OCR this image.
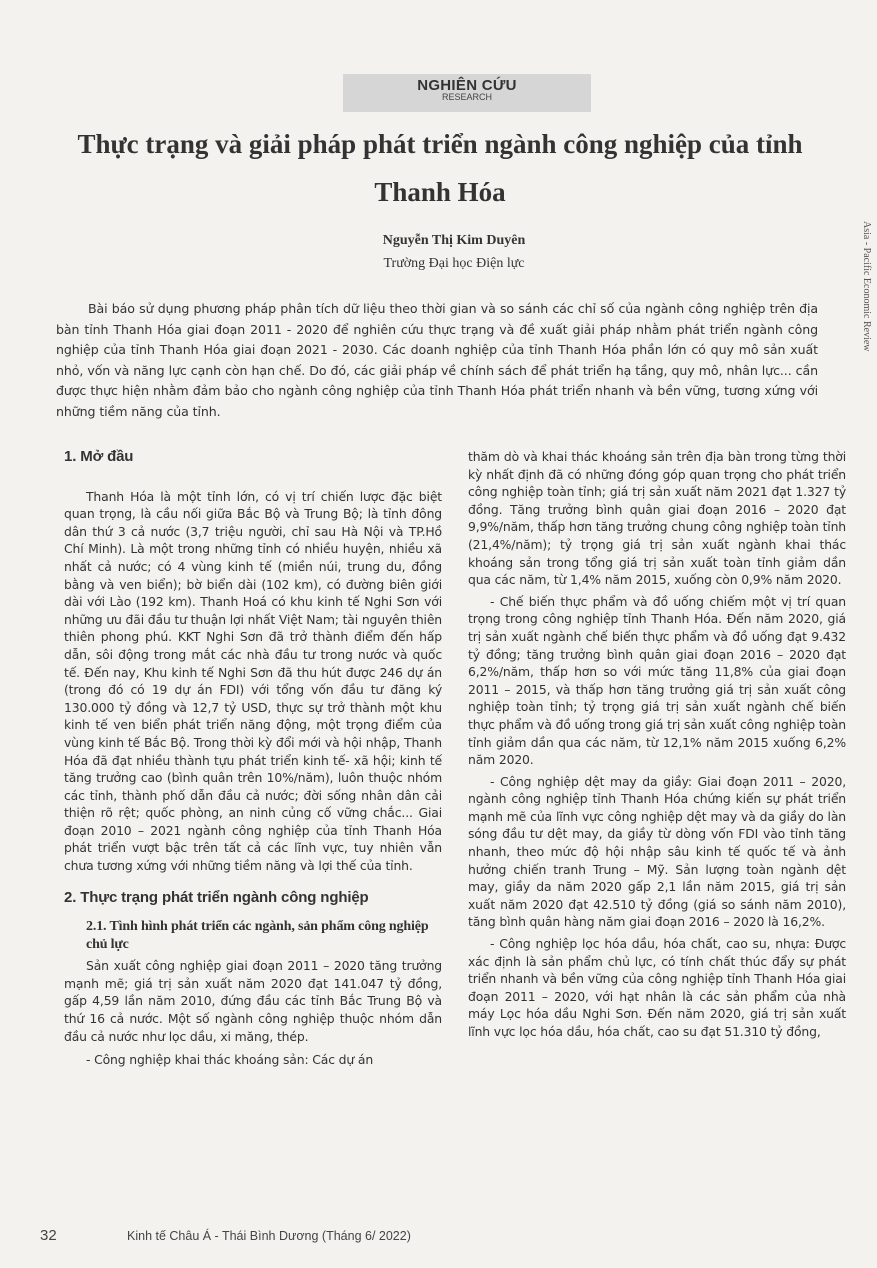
NGHIÊN CỨU
RESEARCH
Asia - Pacific Economic Review
Thực trạng và giải pháp phát triển ngành công nghiệp của tỉnh Thanh Hóa
Nguyễn Thị Kim Duyên
Trường Đại học Điện lực

Bài báo sử dụng phương pháp phân tích dữ liệu theo thời gian và so sánh các chỉ số của ngành công nghiệp trên địa bàn tỉnh Thanh Hóa giai đoạn 2011 - 2020 để nghiên cứu thực trạng và đề xuất giải pháp nhằm phát triển ngành công nghiệp của tỉnh Thanh Hóa giai đoạn 2021 - 2030. Các doanh nghiệp của tỉnh Thanh Hóa phần lớn có quy mô sản xuất nhỏ, vốn và năng lực cạnh còn hạn chế. Do đó, các giải pháp về chính sách để phát triển hạ tầng, quy mô, nhân lực... cần được thực hiện nhằm đảm bảo cho ngành công nghiệp của tỉnh Thanh Hóa phát triển nhanh và bền vững, tương xứng với những tiềm năng của tỉnh.

1. Mở đầu

Thanh Hóa là một tỉnh lớn, có vị trí chiến lược đặc biệt quan trọng, là cầu nối giữa Bắc Bộ và Trung Bộ; là tỉnh đông dân thứ 3 cả nước (3,7 triệu người, chỉ sau Hà Nội và TP.Hồ Chí Minh). Là một trong những tỉnh có nhiều huyện, nhiều xã nhất cả nước; có 4 vùng kinh tế (miền núi, trung du, đồng bằng và ven biển); bờ biển dài (102 km), có đường biên giới dài với Lào (192 km). Thanh Hoá có khu kinh tế Nghi Sơn với những ưu đãi đầu tư thuận lợi nhất Việt Nam; tài nguyên thiên thiên phong phú. KKT Nghi Sơn đã trở thành điểm đến hấp dẫn, sôi động trong mắt các nhà đầu tư trong nước và quốc tế. Đến nay, Khu kinh tế Nghi Sơn đã thu hút được 246 dự án (trong đó có 19 dự án FDI) với tổng vốn đầu tư đăng ký 130.000 tỷ đồng và 12,7 tỷ USD, thực sự trở thành một khu kinh tế ven biển phát triển năng động, một trọng điểm của vùng kinh tế Bắc Bộ. Trong thời kỳ đổi mới và hội nhập, Thanh Hóa đã đạt nhiều thành tựu phát triển kinh tế- xã hội; kinh tế tăng trưởng cao (bình quân trên 10%/năm), luôn thuộc nhóm các tỉnh, thành phố dẫn đầu cả nước; đời sống nhân dân cải thiện rõ rệt; quốc phòng, an ninh củng cố vững chắc... Giai đoạn 2010 – 2021 ngành công nghiệp của tỉnh Thanh Hóa phát triển vượt bậc trên tất cả các lĩnh vực, tuy nhiên vẫn chưa tương xứng với những tiềm năng và lợi thế của tỉnh.

2. Thực trạng phát triển ngành công nghiệp
2.1. Tình hình phát triển các ngành, sản phẩm công nghiệp chủ lực

Sản xuất công nghiệp giai đoạn 2011 – 2020 tăng trưởng mạnh mẽ; giá trị sản xuất năm 2020 đạt 141.047 tỷ đồng, gấp 4,59 lần năm 2010, đứng đầu các tỉnh Bắc Trung Bộ và thứ 16 cả nước. Một số ngành công nghiệp thuộc nhóm dẫn đầu cả nước như lọc dầu, xi măng, thép.

- Công nghiệp khai thác khoáng sản: Các dự án

thăm dò và khai thác khoáng sản trên địa bàn trong từng thời kỳ nhất định đã có những đóng góp quan trọng cho phát triển công nghiệp toàn tỉnh; giá trị sản xuất năm 2021 đạt 1.327 tỷ đồng. Tăng trưởng bình quân giai đoạn 2016 – 2020 đạt 9,9%/năm, thấp hơn tăng trưởng chung công nghiệp toàn tỉnh (21,4%/năm); tỷ trọng giá trị sản xuất ngành khai thác khoáng sản trong tổng giá trị sản xuất toàn tỉnh giảm dần qua các năm, từ 1,4% năm 2015, xuống còn 0,9% năm 2020.

- Chế biến thực phẩm và đồ uống chiếm một vị trí quan trọng trong công nghiệp tỉnh Thanh Hóa. Đến năm 2020, giá trị sản xuất ngành chế biến thực phẩm và đồ uống đạt 9.432 tỷ đồng; tăng trưởng bình quân giai đoạn 2016 – 2020 đạt 6,2%/năm, thấp hơn so với mức tăng 11,8% của giai đoạn 2011 – 2015, và thấp hơn tăng trưởng giá trị sản xuất công nghiệp toàn tỉnh; tỷ trọng giá trị sản xuất ngành chế biến thực phẩm và đồ uống trong giá trị sản xuất công nghiệp toàn tỉnh giảm dần qua các năm, từ 12,1% năm 2015 xuống 6,2% năm 2020.

- Công nghiệp dệt may da giầy: Giai đoạn 2011 – 2020, ngành công nghiệp tỉnh Thanh Hóa chứng kiến sự phát triển mạnh mẽ của lĩnh vực công nghiệp dệt may và da giầy do làn sóng đầu tư dệt may, da giầy từ dòng vốn FDI vào tỉnh tăng nhanh, theo mức độ hội nhập sâu kinh tế quốc tế và ảnh hưởng chiến tranh Trung – Mỹ. Sản lượng toàn ngành dệt may, giầy da năm 2020 gấp 2,1 lần năm 2015, giá trị sản xuất năm 2020 đạt 42.510 tỷ đồng (giá so sánh năm 2010), tăng bình quân hàng năm giai đoạn 2016 – 2020 là 16,2%.

- Công nghiệp lọc hóa dầu, hóa chất, cao su, nhựa: Được xác định là sản phẩm chủ lực, có tính chất thúc đẩy sự phát triển nhanh và bền vững của công nghiệp tỉnh Thanh Hóa giai đoạn 2011 – 2020, với hạt nhân là các sản phẩm của nhà máy Lọc hóa dầu Nghi Sơn. Đến năm 2020, giá trị sản xuất lĩnh vực lọc hóa dầu, hóa chất, cao su đạt 51.310 tỷ đồng,

32	Kinh tế Châu Á - Thái Bình Dương (Tháng 6/ 2022)
